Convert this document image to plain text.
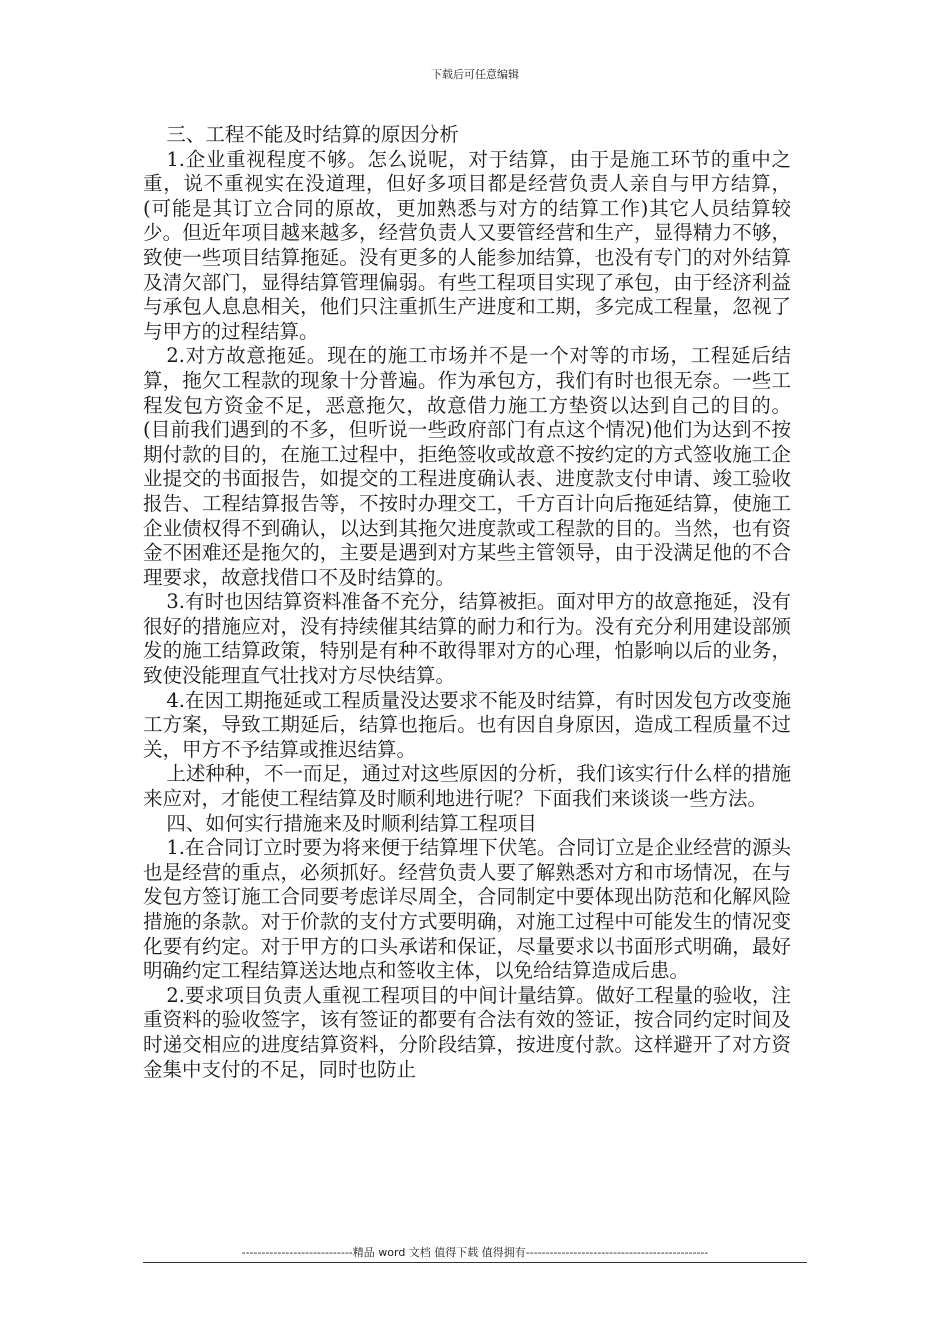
下载后可任意编辑

三、工程不能及时结算的原因分析

1.企业重视程度不够。怎么说呢，对于结算，由于是施工环节的重中之重，说不重视实在没道理，但好多项目都是经营负责人亲自与甲方结算，(可能是其订立合同的原故，更加熟悉与对方的结算工作)其它人员结算较少。但近年项目越来越多，经营负责人又要管经营和生产，显得精力不够，致使一些项目结算拖延。没有更多的人能参加结算，也没有专门的对外结算及清欠部门，显得结算管理偏弱。有些工程项目实现了承包，由于经济利益与承包人息息相关，他们只注重抓生产进度和工期，多完成工程量，忽视了与甲方的过程结算。

2.对方故意拖延。现在的施工市场并不是一个对等的市场，工程延后结算，拖欠工程款的现象十分普遍。作为承包方，我们有时也很无奈。一些工程发包方资金不足，恶意拖欠，故意借力施工方垫资以达到自己的目的。(目前我们遇到的不多，但听说一些政府部门有点这个情况)他们为达到不按期付款的目的，在施工过程中，拒绝签收或故意不按约定的方式签收施工企业提交的书面报告，如提交的工程进度确认表、进度款支付申请、竣工验收报告、工程结算报告等，不按时办理交工，千方百计向后拖延结算，使施工企业债权得不到确认，以达到其拖欠进度款或工程款的目的。当然，也有资金不困难还是拖欠的，主要是遇到对方某些主管领导，由于没满足他的不合理要求，故意找借口不及时结算的。

3.有时也因结算资料准备不充分，结算被拒。面对甲方的故意拖延，没有很好的措施应对，没有持续催其结算的耐力和行为。没有充分利用建设部颁发的施工结算政策，特别是有种不敢得罪对方的心理，怕影响以后的业务，致使没能理直气壮找对方尽快结算。

4.在因工期拖延或工程质量没达要求不能及时结算，有时因发包方改变施工方案，导致工期延后，结算也拖后。也有因自身原因，造成工程质量不过关，甲方不予结算或推迟结算。

上述种种，不一而足，通过对这些原因的分析，我们该实行什么样的措施来应对，才能使工程结算及时顺利地进行呢？下面我们来谈谈一些方法。

四、如何实行措施来及时顺利结算工程项目

1.在合同订立时要为将来便于结算埋下伏笔。合同订立是企业经营的源头也是经营的重点，必须抓好。经营负责人要了解熟悉对方和市场情况，在与发包方签订施工合同要考虑详尽周全，合同制定中要体现出防范和化解风险措施的条款。对于价款的支付方式要明确，对施工过程中可能发生的情况变化要有约定。对于甲方的口头承诺和保证，尽量要求以书面形式明确，最好明确约定工程结算送达地点和签收主体，以免给结算造成后患。

2.要求项目负责人重视工程项目的中间计量结算。做好工程量的验收，注重资料的验收签字，该有签证的都要有合法有效的签证，按合同约定时间及时递交相应的进度结算资料，分阶段结算，按进度付款。这样避开了对方资金集中支付的不足，同时也防止

----------------------------精品 word 文档 值得下载 值得拥有----------------------------------------------
